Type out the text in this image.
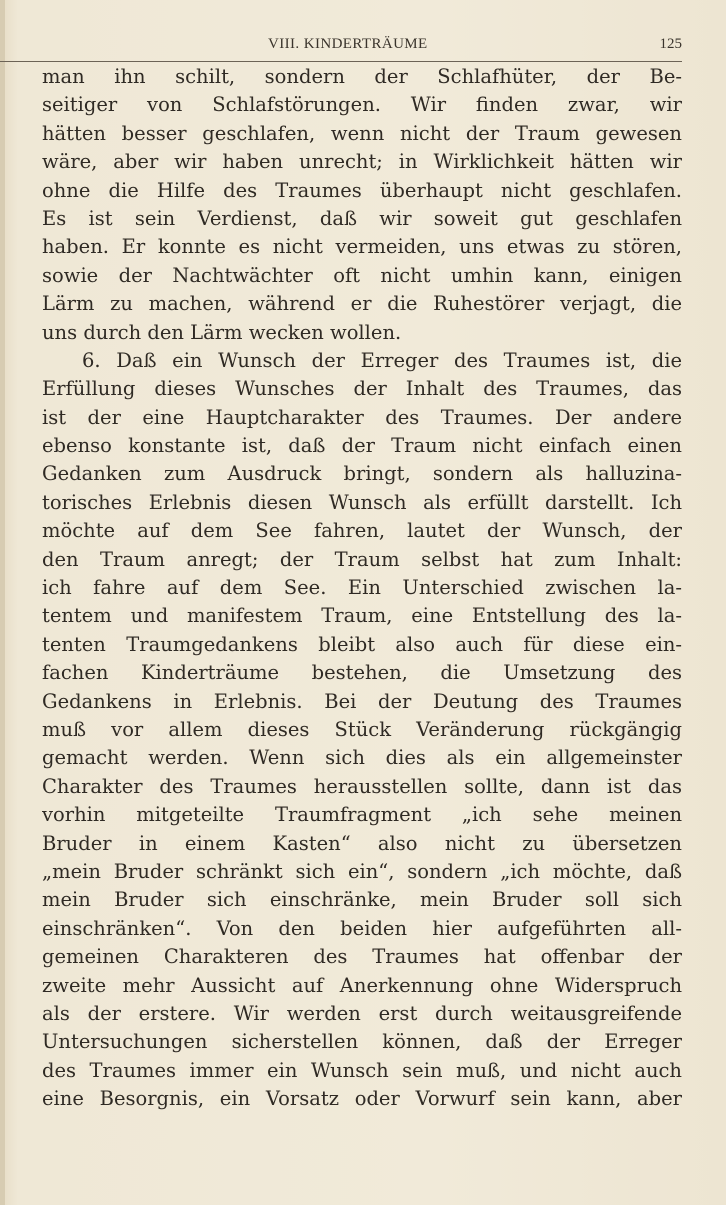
VIII. KINDERTRÄUME	125
man ihn schilt, sondern der Schlafhüter, der Be-
seitiger von Schlafstörungen. Wir finden zwar, wir
hätten besser geschlafen, wenn nicht der Traum gewesen
wäre, aber wir haben unrecht; in Wirklichkeit hätten wir
ohne die Hilfe des Traumes überhaupt nicht geschlafen.
Es ist sein Verdienst, daß wir soweit gut geschlafen
haben. Er konnte es nicht vermeiden, uns etwas zu stören,
sowie der Nachtwächter oft nicht umhin kann, einigen
Lärm zu machen, während er die Ruhestörer verjagt, die
uns durch den Lärm wecken wollen.
6. Daß ein Wunsch der Erreger des Traumes ist, die
Erfüllung dieses Wunsches der Inhalt des Traumes, das
ist der eine Hauptcharakter des Traumes. Der andere
ebenso konstante ist, daß der Traum nicht einfach einen
Gedanken zum Ausdruck bringt, sondern als halluzina-
torisches Erlebnis diesen Wunsch als erfüllt darstellt. Ich
möchte auf dem See fahren, lautet der Wunsch, der
den Traum anregt; der Traum selbst hat zum Inhalt:
ich fahre auf dem See. Ein Unterschied zwischen la-
tentem und manifestem Traum, eine Entstellung des la-
tenten Traumgedankens bleibt also auch für diese ein-
fachen Kinderträume bestehen, die Umsetzung des
Gedankens in Erlebnis. Bei der Deutung des Traumes
muß vor allem dieses Stück Veränderung rückgängig
gemacht werden. Wenn sich dies als ein allgemeinster
Charakter des Traumes herausstellen sollte, dann ist das
vorhin mitgeteilte Traumfragment „ich sehe meinen
Bruder in einem Kasten“ also nicht zu übersetzen
„mein Bruder schränkt sich ein“, sondern „ich möchte, daß
mein Bruder sich einschränke, mein Bruder soll sich
einschränken“. Von den beiden hier aufgeführten all-
gemeinen Charakteren des Traumes hat offenbar der
zweite mehr Aussicht auf Anerkennung ohne Widerspruch
als der erstere. Wir werden erst durch weitausgreifende
Untersuchungen sicherstellen können, daß der Erreger
des Traumes immer ein Wunsch sein muß, und nicht auch
eine Besorgnis, ein Vorsatz oder Vorwurf sein kann, aber
